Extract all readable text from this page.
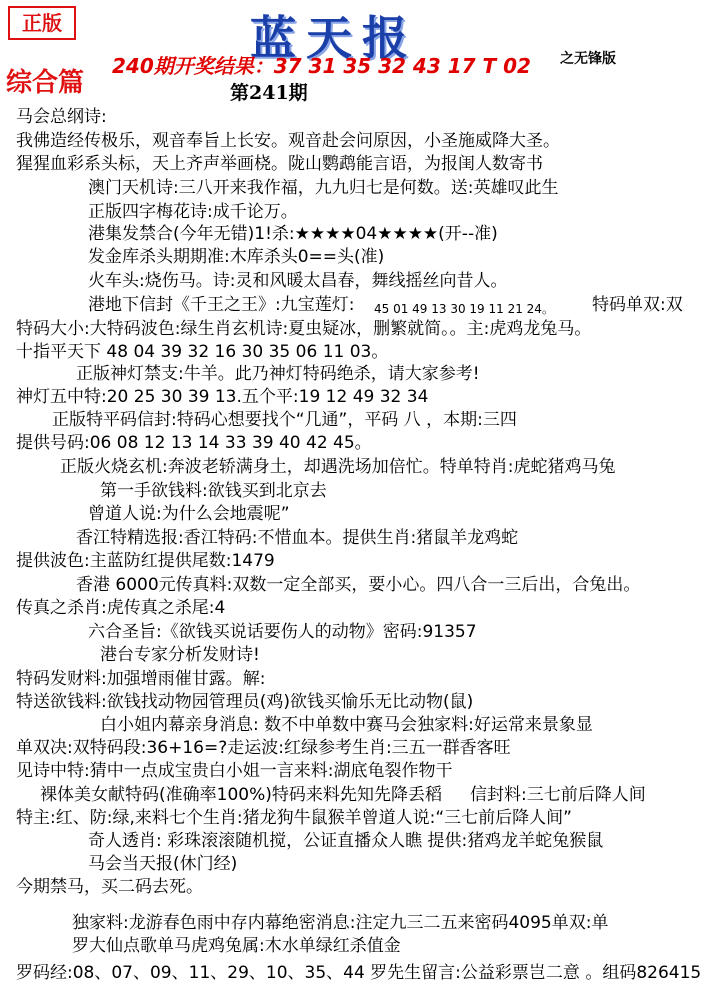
正版	蓝天报
240期开奖结果：37 31 35 32 43 17 T 02 之无锋版
综合篇	第241期
马会总纲诗:
我佛造经传极乐，观音奉旨上长安。观音赴会问原因，小圣施威降大圣。
猩猩血彩系头标，天上齐声举画桡。陇山鹦鹉能言语，为报闺人数寄书
澳门天机诗:三八开来我作福，九九归七是何数。送:英雄叹此生
正版四字梅花诗:成千论万。
港集发禁合(今年无错)1!杀:★★★★04★★★★(开--准)
发金库杀头期期准:木库杀头0==头(准)
火车头:烧伤马。诗:灵和风暖太昌春，舞线摇丝向昔人。
港地下信封《千王之王》:九宝莲灯: 45 01 49 13 30 19 11 21 24。 特码单双:双
特码大小:大特码波色:绿生肖玄机诗:夏虫疑冰，删繁就简。。主:虎鸡龙兔马。
十指平天下 48 04 39 32 16 30 35 06 11 03。
正版神灯禁支:牛羊。此乃神灯特码绝杀，请大家参考!
神灯五中特:20 25 30 39 13.五个平:19 12 49 32 34
正版特平码信封:特码心想要找个“几通”，平码 八 ，本期:三四
提供号码:06 08 12 13 14 33 39 40 42 45。
正版火烧玄机:奔波老轿满身土，却遇洗场加倍忙。特单特肖:虎蛇猪鸡马兔
第一手欲钱料:欲钱买到北京去
曾道人说:为什么会地震呢”
香江特精选报:香江特码:不惜血本。提供生肖:猪鼠羊龙鸡蛇
提供波色:主蓝防红提供尾数:1479
香港 6000元传真料:双数一定全部买，要小心。四八合一三后出，合兔出。
传真之杀肖:虎传真之杀尾:4
六合圣旨:《欲钱买说话要伤人的动物》密码:91357
港台专家分析发财诗!
特码发财料:加强增雨催甘露。解:
特送欲钱料:欲钱找动物园管理员(鸡)欲钱买愉乐无比动物(鼠)
白小姐内幕亲身消息: 数不中单数中赛马会独家料:好运常来景象显
单双决:双特码段:36+16=?走运波:红绿参考生肖:三五一群香客旺
见诗中特:猜中一点成宝贵白小姐一言来料:湖底龟裂作物干
裸体美女献特码(准确率100%)特码来料:
先知先降丢稻 信封料:三七前后降人间
特主:红、防:绿,来料七个生肖:猪龙狗牛鼠猴羊曾道人说:“三七前后降人间”
奇人透肖: 彩珠滚滚随机搅，公证直播众人瞧 提供:猪鸡龙羊蛇兔猴鼠
马会当天报(休门经)
今期禁马，买二码去死。
独家料:龙游春色雨中存内幕绝密消息:注定九三二五来密码4095单双:单
罗大仙点歌单马虎鸡兔属:木水单绿红杀值金
罗码经:08、07、09、11、29、10、35、44 罗先生留言:公益彩票岂二意 。组码826415
